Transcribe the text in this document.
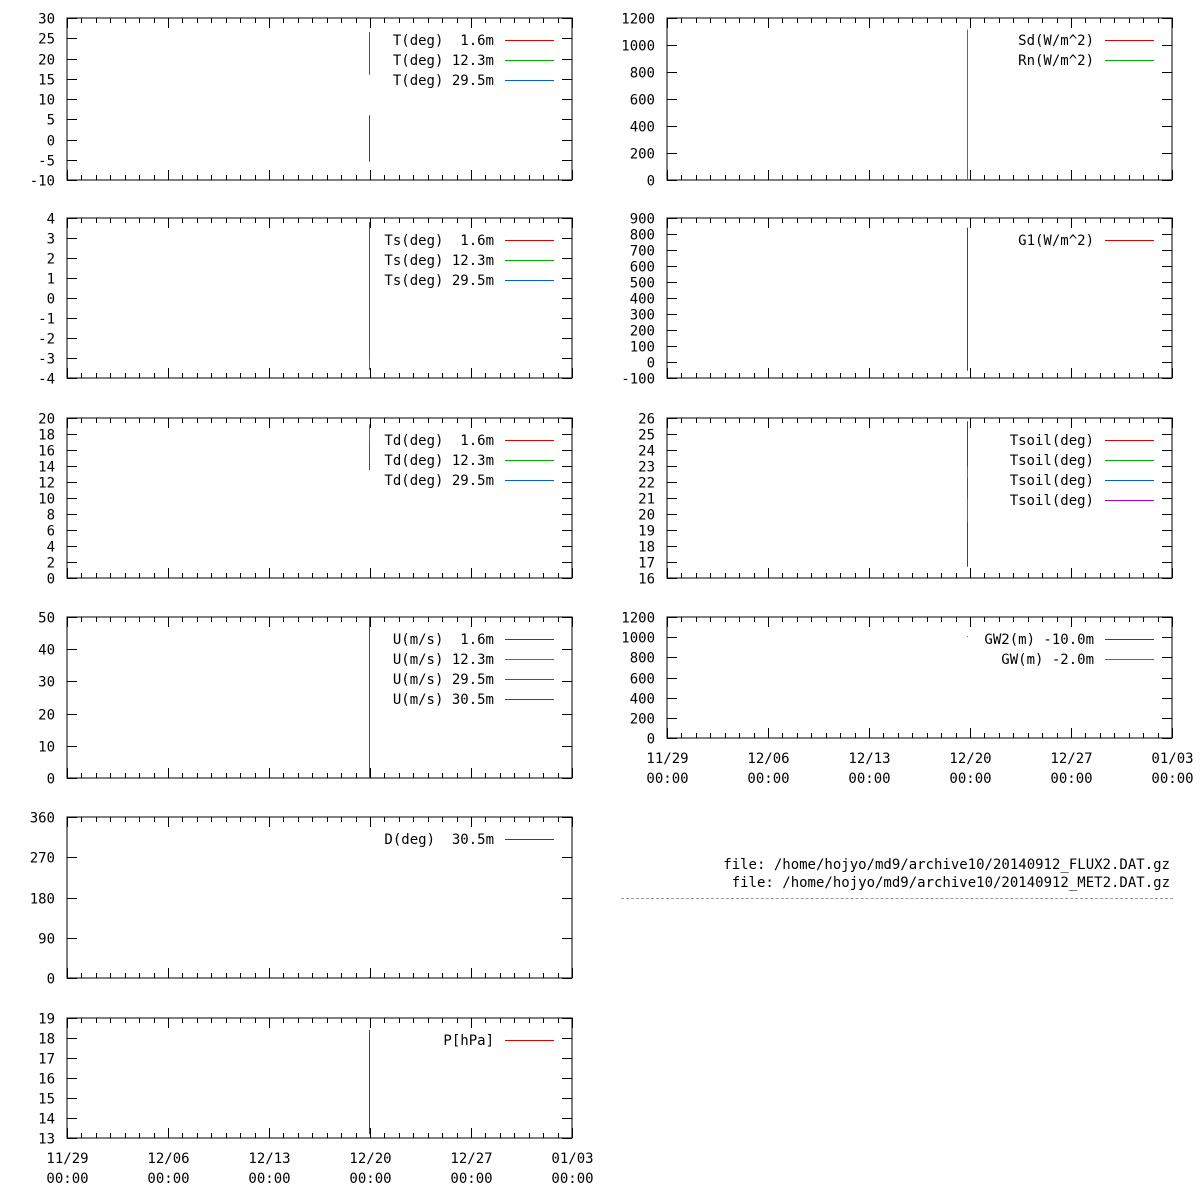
-10
-5
0
5
10
15
20
25
30
T(deg)  1.6m
T(deg) 12.3m
T(deg) 29.5m
0
200
400
600
800
1000
1200
Sd(W/m^2)
Rn(W/m^2)
-4
-3
-2
-1
0
1
2
3
4
Ts(deg)  1.6m
Ts(deg) 12.3m
Ts(deg) 29.5m
-100
0
100
200
300
400
500
600
700
800
900
G1(W/m^2)
0
2
4
6
8
10
12
14
16
18
20
Td(deg)  1.6m
Td(deg) 12.3m
Td(deg) 29.5m
16
17
18
19
20
21
22
23
24
25
26
Tsoil(deg)
Tsoil(deg)
Tsoil(deg)
Tsoil(deg)
0
10
20
30
40
50
U(m/s)  1.6m
U(m/s) 12.3m
U(m/s) 29.5m
U(m/s) 30.5m
11/29
00:00
12/06
00:00
12/13
00:00
12/20
00:00
12/27
00:00
01/03
00:00
0
200
400
600
800
1000
1200
GW2(m) -10.0m
GW(m) -2.0m
0
90
180
270
360
D(deg)  30.5m
11/29
00:00
12/06
00:00
12/13
00:00
12/20
00:00
12/27
00:00
01/03
00:00
13
14
15
16
17
18
19
P[hPa]
file: /home/hojyo/md9/archive10/20140912_FLUX2.DAT.gz
file: /home/hojyo/md9/archive10/20140912_MET2.DAT.gz
